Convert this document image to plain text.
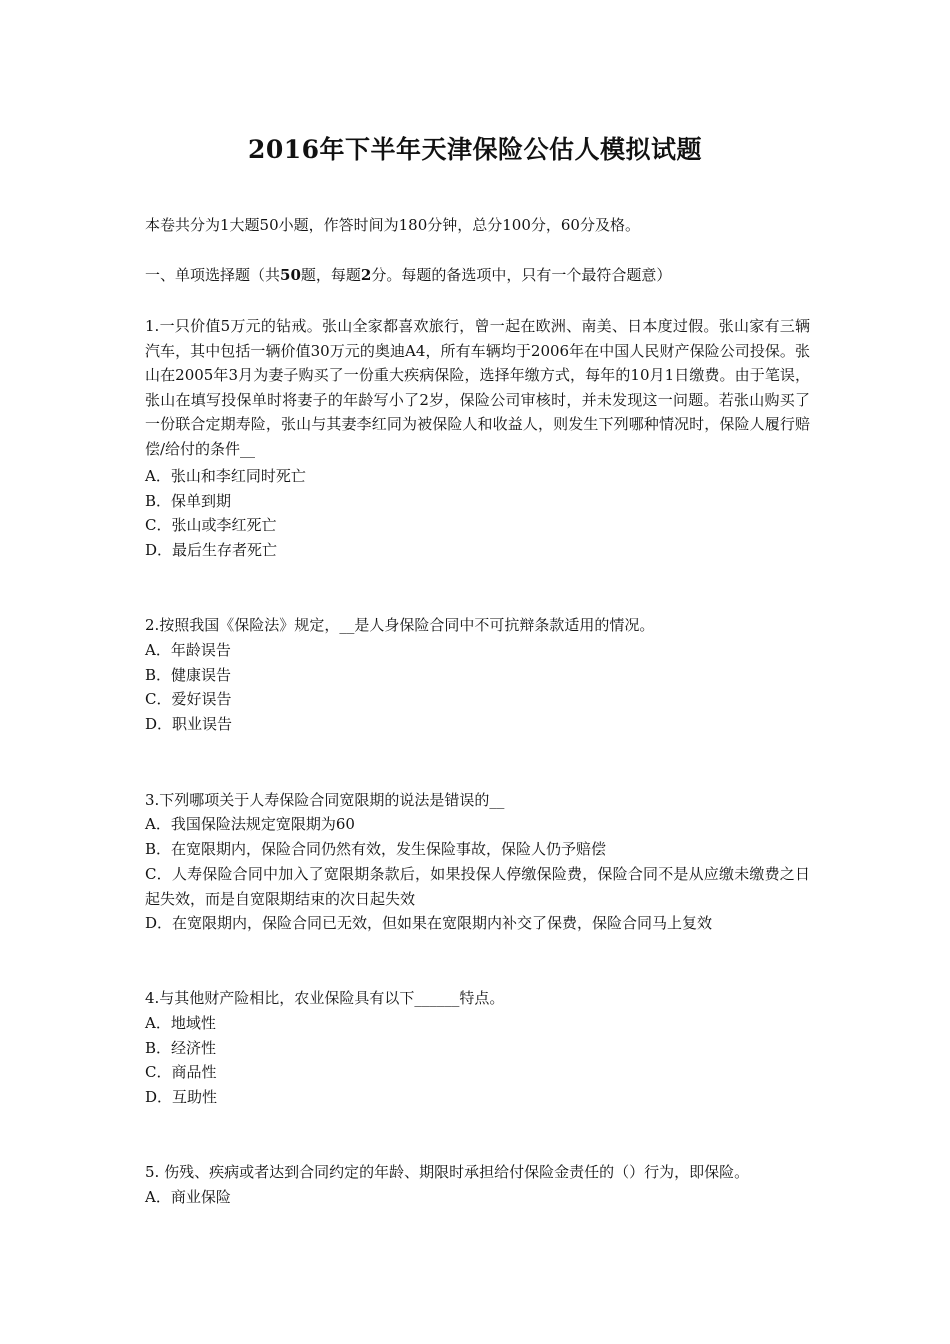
2016年下半年天津保险公估人模拟试题
本卷共分为1大题50小题，作答时间为180分钟，总分100分，60分及格。
一、单项选择题（共50题，每题2分。每题的备选项中，只有一个最符合题意）
1.一只价值5万元的钻戒。张山全家都喜欢旅行，曾一起在欧洲、南美、日本度过假。张山家有三辆汽车，其中包括一辆价值30万元的奥迪A4，所有车辆均于2006年在中国人民财产保险公司投保。张山在2005年3月为妻子购买了一份重大疾病保险，选择年缴方式，每年的10月1日缴费。由于笔误，张山在填写投保单时将妻子的年龄写小了2岁，保险公司审核时，并未发现这一问题。若张山购买了一份联合定期寿险，张山与其妻李红同为被保险人和收益人，则发生下列哪种情况时，保险人履行赔偿/给付的条件__
A．张山和李红同时死亡
B．保单到期
C．张山或李红死亡
D．最后生存者死亡
2.按照我国《保险法》规定，__是人身保险合同中不可抗辩条款适用的情况。
A．年龄误告
B．健康误告
C．爱好误告
D．职业误告
3.下列哪项关于人寿保险合同宽限期的说法是错误的__
A．我国保险法规定宽限期为60
B．在宽限期内，保险合同仍然有效，发生保险事故，保险人仍予赔偿
C．人寿保险合同中加入了宽限期条款后，如果投保人停缴保险费，保险合同不是从应缴未缴费之日起失效，而是自宽限期结束的次日起失效
D．在宽限期内，保险合同已无效，但如果在宽限期内补交了保费，保险合同马上复效
4.与其他财产险相比，农业保险具有以下______特点。
A．地域性
B．经济性
C．商品性
D．互助性
5. 伤残、疾病或者达到合同约定的年龄、期限时承担给付保险金责任的（）行为，即保险。
A．商业保险
